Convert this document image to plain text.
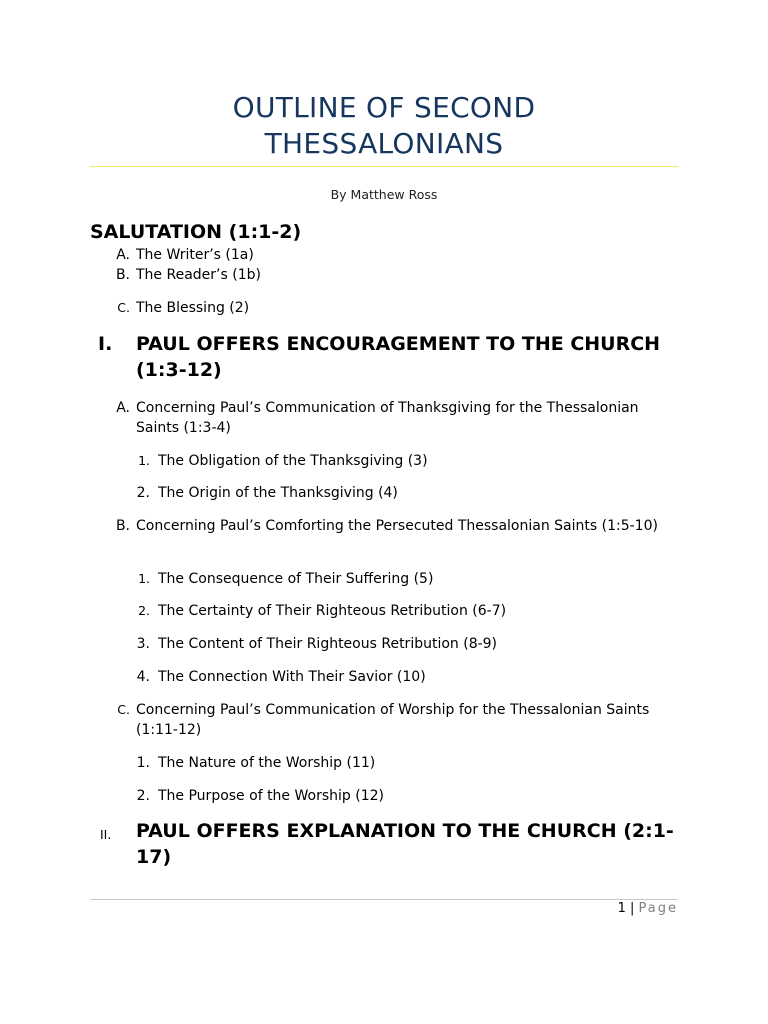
OUTLINE OF SECOND
THESSALONIANS
By Matthew Ross
SALUTATION (1:1-2)
A. The Writer’s (1a)
B. The Reader’s (1b)
C. The Blessing (2)
I. PAUL OFFERS ENCOURAGEMENT TO THE CHURCH (1:3-12)
A. Concerning Paul’s Communication of Thanksgiving for the Thessalonian Saints (1:3-4)
1. The Obligation of the Thanksgiving (3)
2. The Origin of the Thanksgiving (4)
B. Concerning Paul’s Comforting the Persecuted Thessalonian Saints (1:5-10)
1. The Consequence of Their Suffering (5)
2. The Certainty of Their Righteous Retribution (6-7)
3. The Content of Their Righteous Retribution (8-9)
4. The Connection With Their Savior (10)
C. Concerning Paul’s Communication of Worship for the Thessalonian Saints (1:11-12)
1. The Nature of the Worship (11)
2. The Purpose of the Worship (12)
II. PAUL OFFERS EXPLANATION TO THE CHURCH (2:1-17)
1 | Page
